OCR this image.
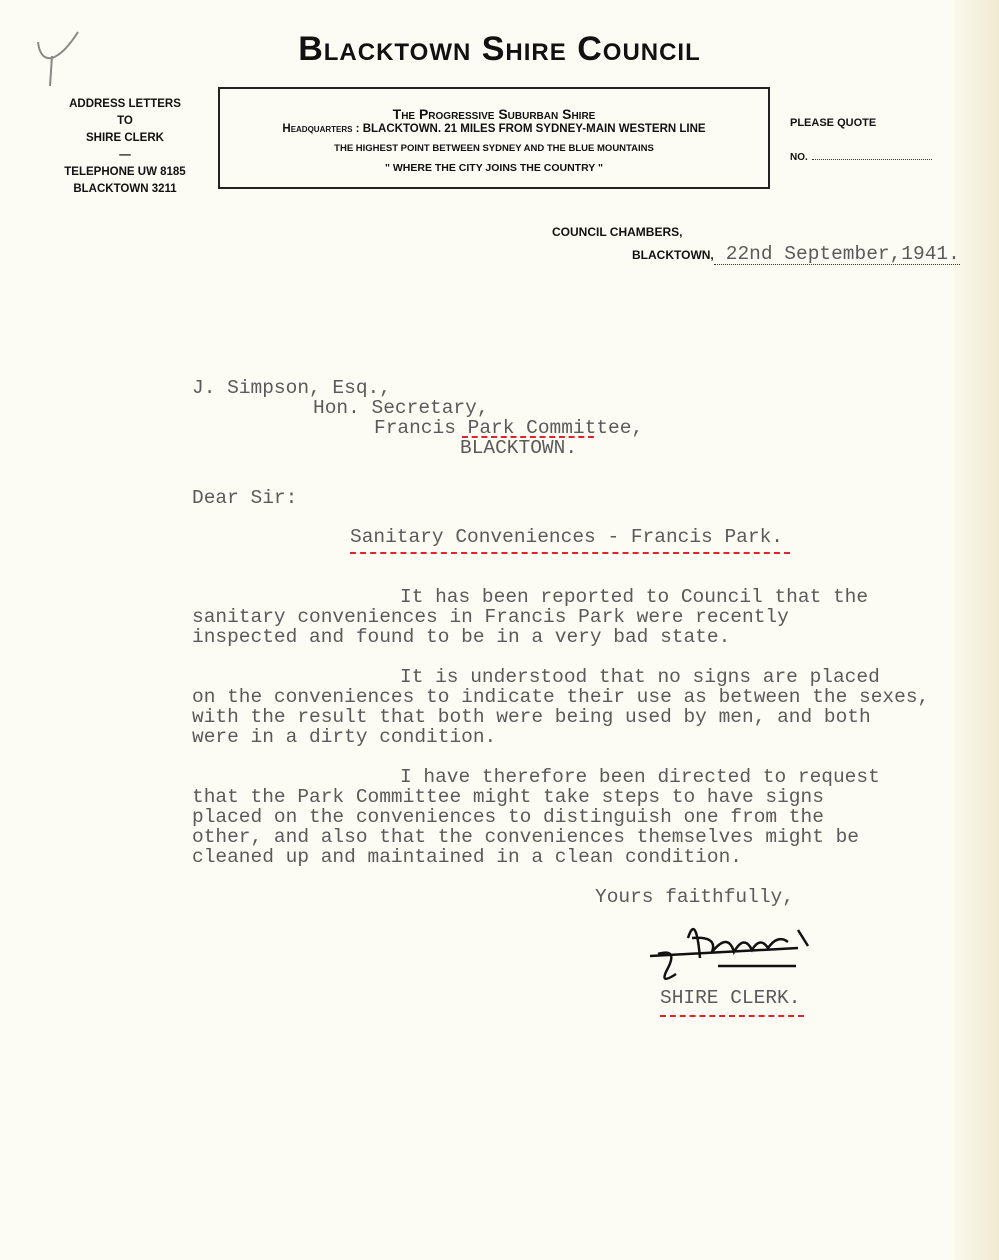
Blacktown Shire Council
ADDRESS LETTERS
TO
SHIRE CLERK
—
TELEPHONE UW 8185
BLACKTOWN 3211
The Progressive Suburban Shire
Headquarters : BLACKTOWN. 21 MILES FROM SYDNEY-MAIN WESTERN LINE
THE HIGHEST POINT BETWEEN SYDNEY AND THE BLUE MOUNTAINS
" WHERE THE CITY JOINS THE COUNTRY "
PLEASE QUOTE
NO.
COUNCIL CHAMBERS,
BLACKTOWN, 22nd September,1941.
J. Simpson, Esq.,
Hon. Secretary,
Francis Park Committee,
BLACKTOWN.
Dear Sir:
Sanitary Conveniences - Francis Park.
It has been reported to Council that the
sanitary conveniences in Francis Park were recently
inspected and found to be in a very bad state.
It is understood that no signs are placed
on the conveniences to indicate their use as between the sexes,
with the result that both were being used by men, and both
were in a dirty condition.
I have therefore been directed to request
that the Park Committee might take steps to have signs
placed on the conveniences to distinguish one from the
other, and also that the conveniences themselves might be
cleaned up and maintained in a clean condition.
Yours faithfully,
SHIRE CLERK.
